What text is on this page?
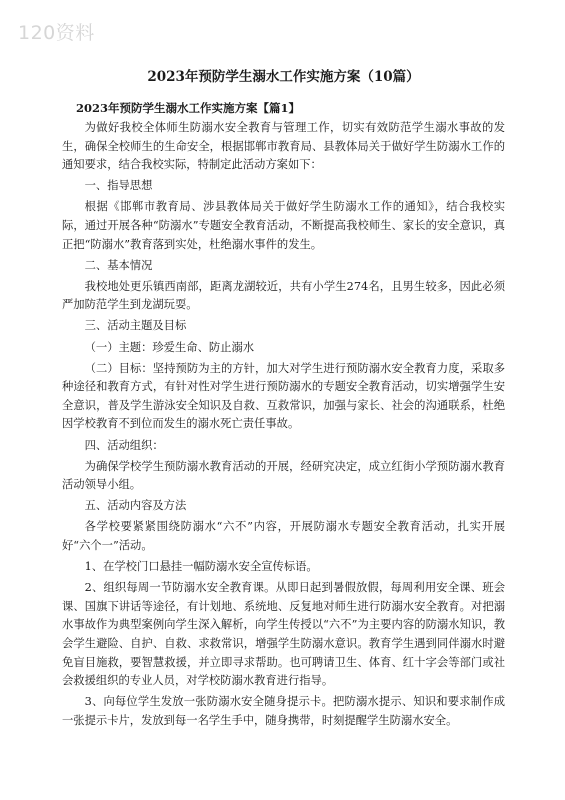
120资料
2023年预防学生溺水工作实施方案（10篇）
2023年预防学生溺水工作实施方案【篇1】
为做好我校全体师生防溺水安全教育与管理工作，切实有效防范学生溺水事故的发生，确保全校师生的生命安全，根据邯郸市教育局、县教体局关于做好学生防溺水工作的通知要求，结合我校实际，特制定此活动方案如下：
一、指导思想
根据《邯郸市教育局、涉县教体局关于做好学生防溺水工作的通知》，结合我校实际，通过开展各种“防溺水”专题安全教育活动，不断提高我校师生、家长的安全意识，真正把“防溺水”教育落到实处，杜绝溺水事件的发生。
二、基本情况
我校地处更乐镇西南部，距离龙湖较近，共有小学生274名，且男生较多，因此必须严加防范学生到龙湖玩耍。
三、活动主题及目标
（一）主题：珍爱生命、防止溺水
（二）目标：坚持预防为主的方针，加大对学生进行预防溺水安全教育力度，采取多种途径和教育方式，有针对性对学生进行预防溺水的专题安全教育活动，切实增强学生安全意识，普及学生游泳安全知识及自救、互救常识，加强与家长、社会的沟通联系，杜绝因学校教育不到位而发生的溺水死亡责任事故。
四、活动组织：
为确保学校学生预防溺水教育活动的开展，经研究决定，成立红街小学预防溺水教育活动领导小组。
五、活动内容及方法
各学校要紧紧围绕防溺水“六不”内容，开展防溺水专题安全教育活动，扎实开展好“六个一”活动。
1、在学校门口悬挂一幅防溺水安全宣传标语。
2、组织每周一节防溺水安全教育课。从即日起到暑假放假，每周利用安全课、班会课、国旗下讲话等途径，有计划地、系统地、反复地对师生进行防溺水安全教育。对把溺水事故作为典型案例向学生深入解析，向学生传授以“六不”为主要内容的防溺水知识，教会学生避险、自护、自救、求救常识，增强学生防溺水意识。教育学生遇到同伴溺水时避免盲目施救，要智慧救援，并立即寻求帮助。也可聘请卫生、体育、红十字会等部门或社会救援组织的专业人员，对学校防溺水教育进行指导。
3、向每位学生发放一张防溺水安全随身提示卡。把防溺水提示、知识和要求制作成一张提示卡片，发放到每一名学生手中，随身携带，时刻提醒学生防溺水安全。
